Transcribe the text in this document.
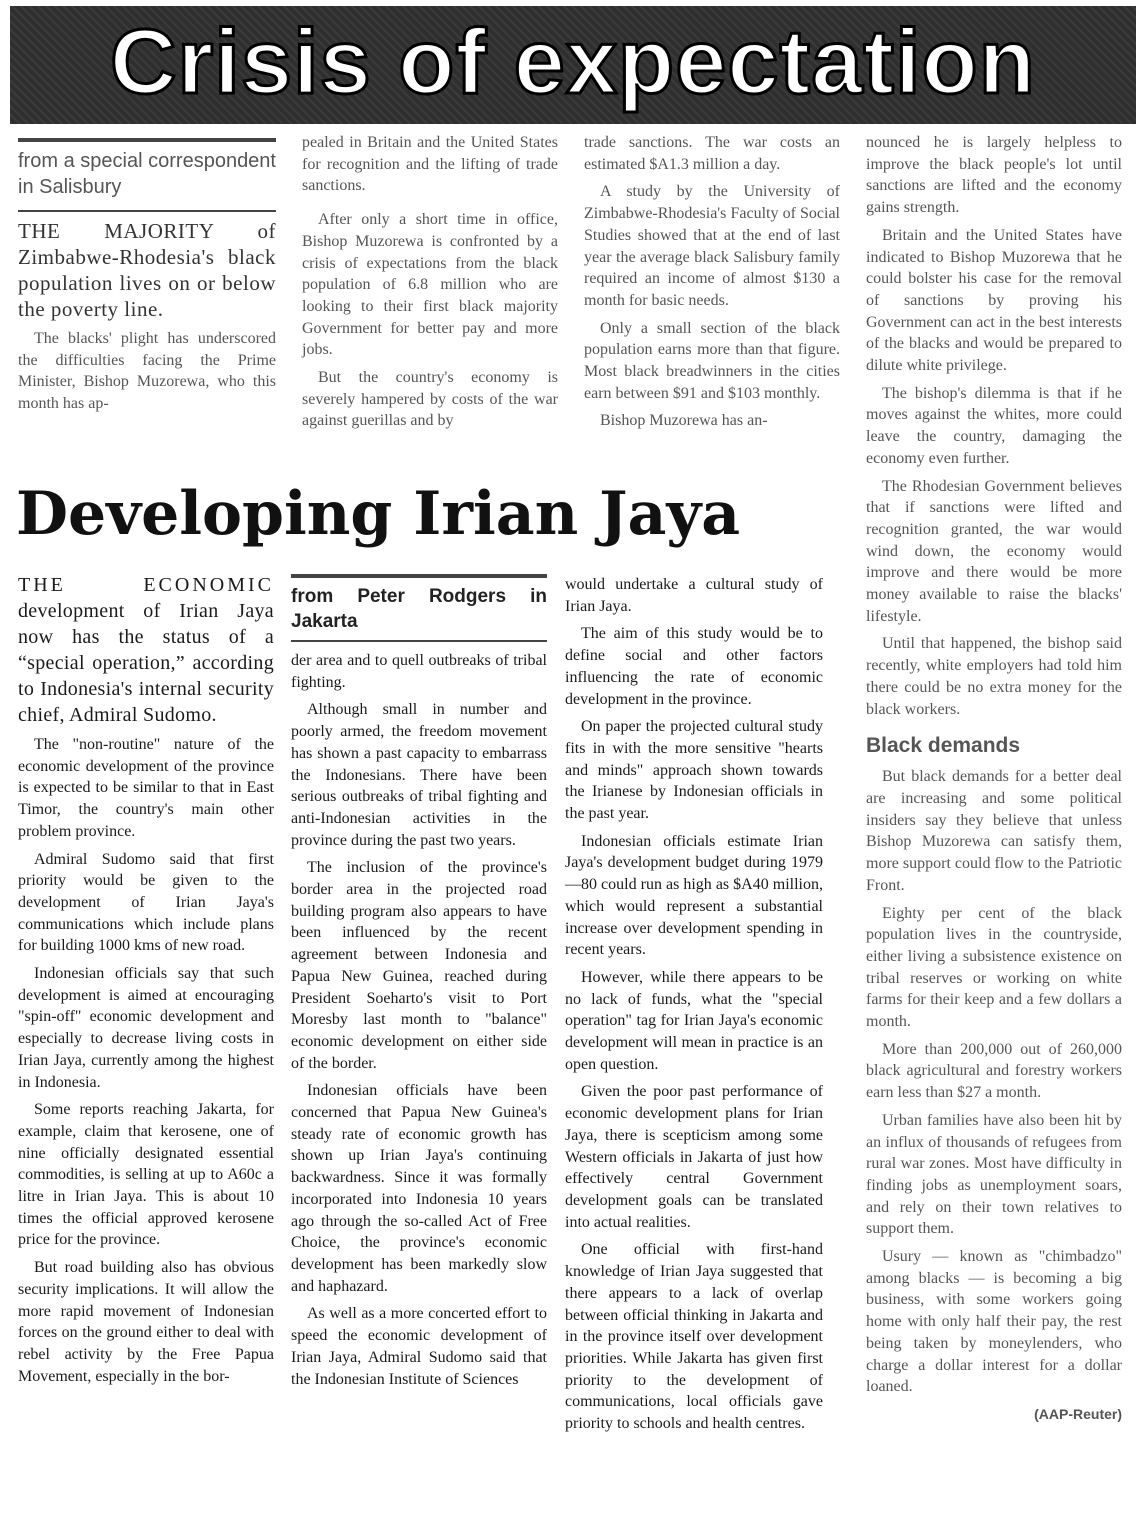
Crisis of expectation
from a special correspondent in Salisbury

THE MAJORITY of Zimbabwe-Rhodesia's black population lives on or below the poverty line.

The blacks' plight has underscored the difficulties facing the Prime Minister, Bishop Muzorewa, who this month has ap-

pealed in Britain and the United States for recognition and the lifting of trade sanctions.

After only a short time in office, Bishop Muzorewa is confronted by a crisis of expectations from the black population of 6.8 million who are looking to their first black majority Government for better pay and more jobs.

But the country's economy is severely hampered by costs of the war against guerillas and by

trade sanctions. The war costs an estimated $A1.3 million a day.

A study by the University of Zimbabwe-Rhodesia's Faculty of Social Studies showed that at the end of last year the average black Salisbury family required an income of almost $130 a month for basic needs.

Only a small section of the black population earns more than that figure. Most black breadwinners in the cities earn between $91 and $103 monthly.

Bishop Muzorewa has an-

nounced he is largely helpless to improve the black people's lot until sanctions are lifted and the economy gains strength.

Britain and the United States have indicated to Bishop Muzorewa that he could bolster his case for the removal of sanctions by proving his Government can act in the best interests of the blacks and would be prepared to dilute white privilege.

The bishop's dilemma is that if he moves against the whites, more could leave the country, damaging the economy even further.

The Rhodesian Government believes that if sanctions were lifted and recognition granted, the war would wind down, the economy would improve and there would be more money available to raise the blacks' lifestyle.

Until that happened, the bishop said recently, white employers had told him there could be no extra money for the black workers.

Black demands

But black demands for a better deal are increasing and some political insiders say they believe that unless Bishop Muzorewa can satisfy them, more support could flow to the Patriotic Front.

Eighty per cent of the black population lives in the countryside, either living a subsistence existence on tribal reserves or working on white farms for their keep and a few dollars a month.

More than 200,000 out of 260,000 black agricultural and forestry workers earn less than $27 a month.

Urban families have also been hit by an influx of thousands of refugees from rural war zones. Most have difficulty in finding jobs as unemployment soars, and rely on their town relatives to support them.

Usury — known as "chimbadzo" among blacks — is becoming a big business, with some workers going home with only half their pay, the rest being taken by moneylenders, who charge a dollar interest for a dollar loaned.

(AAP-Reuter)
Developing Irian Jaya

THE ECONOMIC development of Irian Jaya now has the status of a “special operation,” according to Indonesia's internal security chief, Admiral Sudomo.

The "non-routine" nature of the economic development of the province is expected to be similar to that in East Timor, the country's main other problem province.

Admiral Sudomo said that first priority would be given to the development of Irian Jaya's communications which include plans for building 1000 kms of new road.

Indonesian officials say that such development is aimed at encouraging "spin-off" economic development and especially to decrease living costs in Irian Jaya, currently among the highest in Indonesia.

Some reports reaching Jakarta, for example, claim that kerosene, one of nine officially designated essential commodities, is selling at up to A60c a litre in Irian Jaya. This is about 10 times the official approved kerosene price for the province.

But road building also has obvious security implications. It will allow the more rapid movement of Indonesian forces on the ground either to deal with rebel activity by the Free Papua Movement, especially in the bor-

from Peter Rodgers in Jakarta

der area and to quell outbreaks of tribal fighting.

Although small in number and poorly armed, the freedom movement has shown a past capacity to embarrass the Indonesians. There have been serious outbreaks of tribal fighting and anti-Indonesian activities in the province during the past two years.

The inclusion of the province's border area in the projected road building program also appears to have been influenced by the recent agreement between Indonesia and Papua New Guinea, reached during President Soeharto's visit to Port Moresby last month to "balance" economic development on either side of the border.

Indonesian officials have been concerned that Papua New Guinea's steady rate of economic growth has shown up Irian Jaya's continuing backwardness. Since it was formally incorporated into Indonesia 10 years ago through the so-called Act of Free Choice, the province's economic development has been markedly slow and haphazard.

As well as a more concerted effort to speed the economic development of Irian Jaya, Admiral Sudomo said that the Indonesian Institute of Sciences

would undertake a cultural study of Irian Jaya.

The aim of this study would be to define social and other factors influencing the rate of economic development in the province.

On paper the projected cultural study fits in with the more sensitive "hearts and minds" approach shown towards the Irianese by Indonesian officials in the past year.

Indonesian officials estimate Irian Jaya's development budget during 1979—80 could run as high as $A40 million, which would represent a substantial increase over development spending in recent years.

However, while there appears to be no lack of funds, what the "special operation" tag for Irian Jaya's economic development will mean in practice is an open question.

Given the poor past performance of economic development plans for Irian Jaya, there is scepticism among some Western officials in Jakarta of just how effectively central Government development goals can be translated into actual realities.

One official with first-hand knowledge of Irian Jaya suggested that there appears to a lack of overlap between official thinking in Jakarta and in the province itself over development priorities. While Jakarta has given first priority to the development of communications, local officials gave priority to schools and health centres.
